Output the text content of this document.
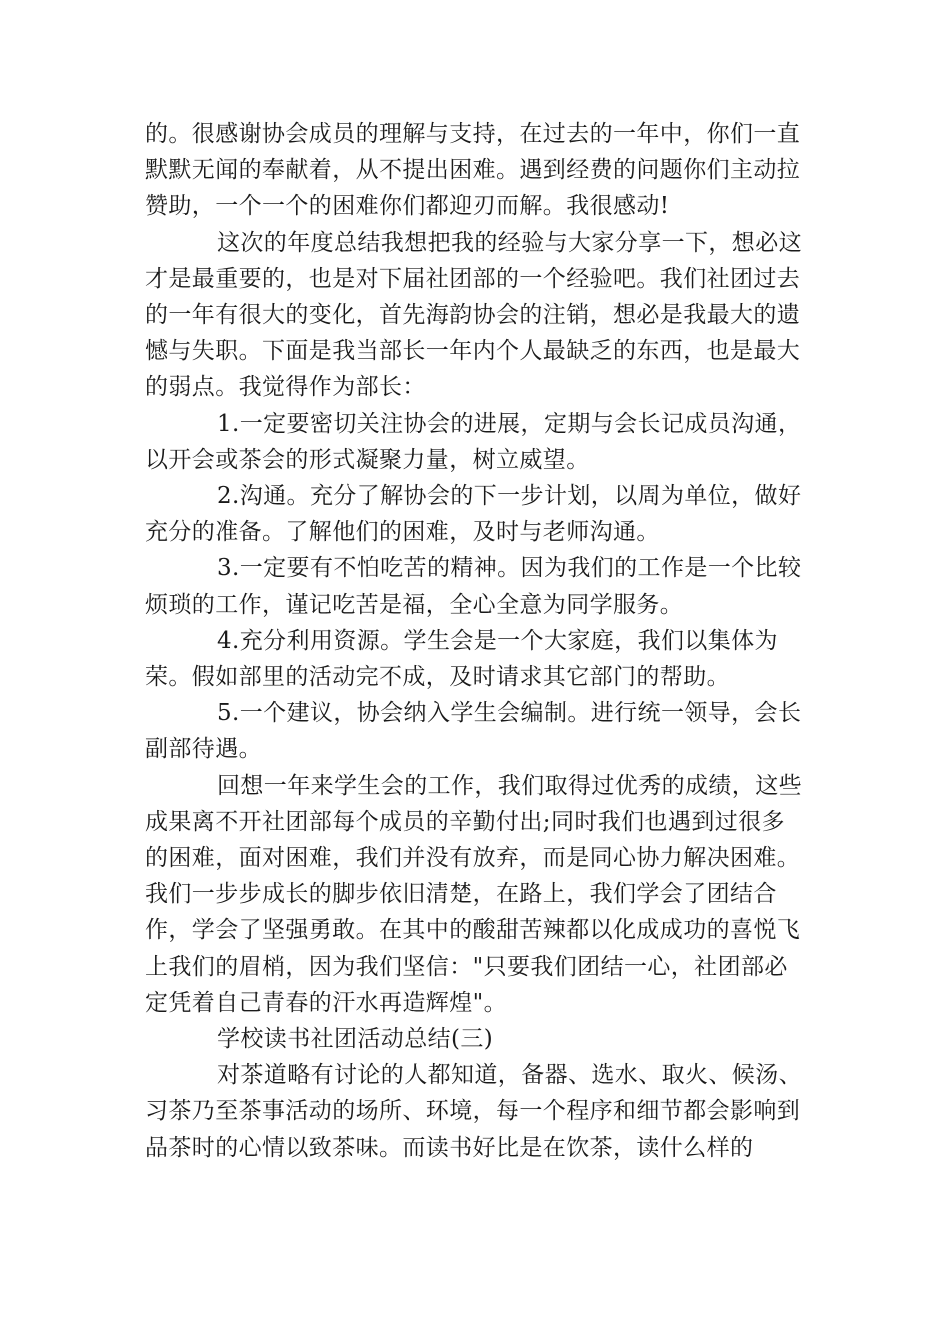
的。很感谢协会成员的理解与支持，在过去的一年中，你们一直默默无闻的奉献着，从不提出困难。遇到经费的问题你们主动拉赞助，一个一个的困难你们都迎刃而解。我很感动!

这次的年度总结我想把我的经验与大家分享一下，想必这才是最重要的，也是对下届社团部的一个经验吧。我们社团过去的一年有很大的变化，首先海韵协会的注销，想必是我最大的遗憾与失职。下面是我当部长一年内个人最缺乏的东西，也是最大的弱点。我觉得作为部长：

1.一定要密切关注协会的进展，定期与会长记成员沟通，以开会或茶会的形式凝聚力量，树立威望。

2.沟通。充分了解协会的下一步计划，以周为单位，做好充分的准备。了解他们的困难，及时与老师沟通。

3.一定要有不怕吃苦的精神。因为我们的工作是一个比较烦琐的工作，谨记吃苦是福，全心全意为同学服务。

4.充分利用资源。学生会是一个大家庭，我们以集体为荣。假如部里的活动完不成，及时请求其它部门的帮助。

5.一个建议，协会纳入学生会编制。进行统一领导，会长副部待遇。

回想一年来学生会的工作，我们取得过优秀的成绩，这些成果离不开社团部每个成员的辛勤付出;同时我们也遇到过很多的困难，面对困难，我们并没有放弃，而是同心协力解决困难。我们一步步成长的脚步依旧清楚，在路上，我们学会了团结合作，学会了坚强勇敢。在其中的酸甜苦辣都以化成成功的喜悦飞上我们的眉梢，因为我们坚信："只要我们团结一心，社团部必定凭着自己青春的汗水再造辉煌"。

学校读书社团活动总结(三)

对茶道略有讨论的人都知道，备器、选水、取火、候汤、习茶乃至茶事活动的场所、环境，每一个程序和细节都会影响到品茶时的心情以致茶味。而读书好比是在饮茶，读什么样的
